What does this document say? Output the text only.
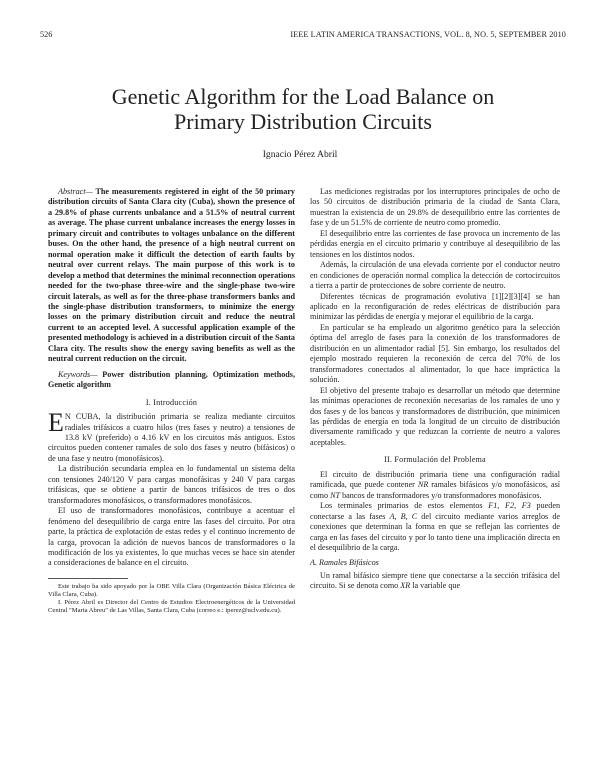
526	IEEE LATIN AMERICA TRANSACTIONS, VOL. 8, NO. 5, SEPTEMBER 2010
Genetic Algorithm for the Load Balance on
Primary Distribution Circuits
Ignacio Pérez Abril

Abstract— The measurements registered in eight of the 50 primary distribution circuits of Santa Clara city (Cuba), shown the presence of a 29.8% of phase currents unbalance and a 51.5% of neutral current as average. The phase current unbalance increases the energy losses in primary circuit and contributes to voltages unbalance on the different buses. On the other hand, the presence of a high neutral current on normal operation make it difficult the detection of earth faults by neutral over current relays. The main purpose of this work is to develop a method that determines the minimal reconnection operations needed for the two-phase three-wire and the single-phase two-wire circuit laterals, as well as for the three-phase transformers banks and the single-phase distribution transformers, to minimize the energy losses on the primary distribution circuit and reduce the neutral current to an accepted level. A successful application example of the presented methodology is achieved in a distribution circuit of the Santa Clara city. The results show the energy saving benefits as well as the neutral current reduction on the circuit.

Keywords— Power distribution planning, Optimization methods, Genetic algorithm

I. Introducción

E N CUBA, la distribución primaria se realiza mediante circuitos radiales trifásicos a cuatro hilos (tres fases y neutro) a tensiones de 13.8 kV (preferido) o 4.16 kV en los circuitos más antiguos. Estos circuitos pueden contener ramales de solo dos fases y neutro (bifásicos) o de una fase y neutro (monofásicos).

La distribución secundaria emplea en lo fundamental un sistema delta con tensiones 240/120 V para cargas monofásicas y 240 V para cargas trifásicas, que se obtiene a partir de bancos trifásicos de tres o dos transformadores monofásicos, o transformadores monofásicos.

El uso de transformadores monofásicos, contribuye a acentuar el fenómeno del desequilibrio de carga entre las fases del circuito. Por otra parte, la práctica de explotación de estas redes y el continuo incremento de la carga, provocan la adición de nuevos bancos de transformadores o la modificación de los ya existentes, lo que muchas veces se hace sin atender a consideraciones de balance en el circuito.

Este trabajo ha sido apoyado por la OBE Villa Clara (Organización Básica Eléctrica de Villa Clara, Cuba).

I. Pérez Abril es Director del Centro de Estudios Electroenergéticos de la Universidad Central "Marta Abreu" de Las Villas, Santa Clara, Cuba (correo e.: iperez@uclv.edu.cu).

Las mediciones registradas por los interruptores principales de ocho de los 50 circuitos de distribución primaria de la ciudad de Santa Clara, muestran la existencia de un 29.8% de desequilibrio entre las corrientes de fase y de un 51.5% de corriente de neutro como promedio.

El desequilibrio entre las corrientes de fase provoca un incremento de las pérdidas energía en el circuito primario y contribuye al desequilibrio de las tensiones en los distintos nodos.

Además, la circulación de una elevada corriente por el conductor neutro en condiciones de operación normal complica la detección de cortocircuitos a tierra a partir de protecciones de sobre corriente de neutro.

Diferentes técnicas de programación evolutiva [1][2][3][4] se han aplicado en la reconfiguración de redes eléctricas de distribución para minimizar las pérdidas de energía y mejorar el equilibrio de la carga.

En particular se ha empleado un algoritmo genético para la selección óptima del arreglo de fases para la conexión de los transformadores de distribución en un alimentador radial [5]. Sin embargo, los resultados del ejemplo mostrado requieren la reconexión de cerca del 70% de los transformadores conectados al alimentador, lo que hace impráctica la solución.

El objetivo del presente trabajo es desarrollar un método que determine las mínimas operaciones de reconexión necesarias de los ramales de uno y dos fases y de los bancos y transformadores de distribución, que minimicen las pérdidas de energía en toda la longitud de un circuito de distribución diversamente ramificado y que reduzcan la corriente de neutro a valores aceptables.

II. Formulación del Problema

El circuito de distribución primaria tiene una configuración radial ramificada, que puede contener NR ramales bifásicos y/o monofásicos, así como NT bancos de transformadores y/o transformadores monofásicos.

Los terminales primarios de estos elementos F1, F2, F3 pueden conectarse a las fases A, B, C del circuito mediante varios arreglos de conexiones que determinan la forma en que se reflejan las corrientes de carga en las fases del circuito y por lo tanto tiene una implicación directa en el desequilibrio de la carga.

A. Ramales Bifásicos

Un ramal bifásico siempre tiene que conectarse a la sección trifásica del circuito. Si se denota como XR la variable que
